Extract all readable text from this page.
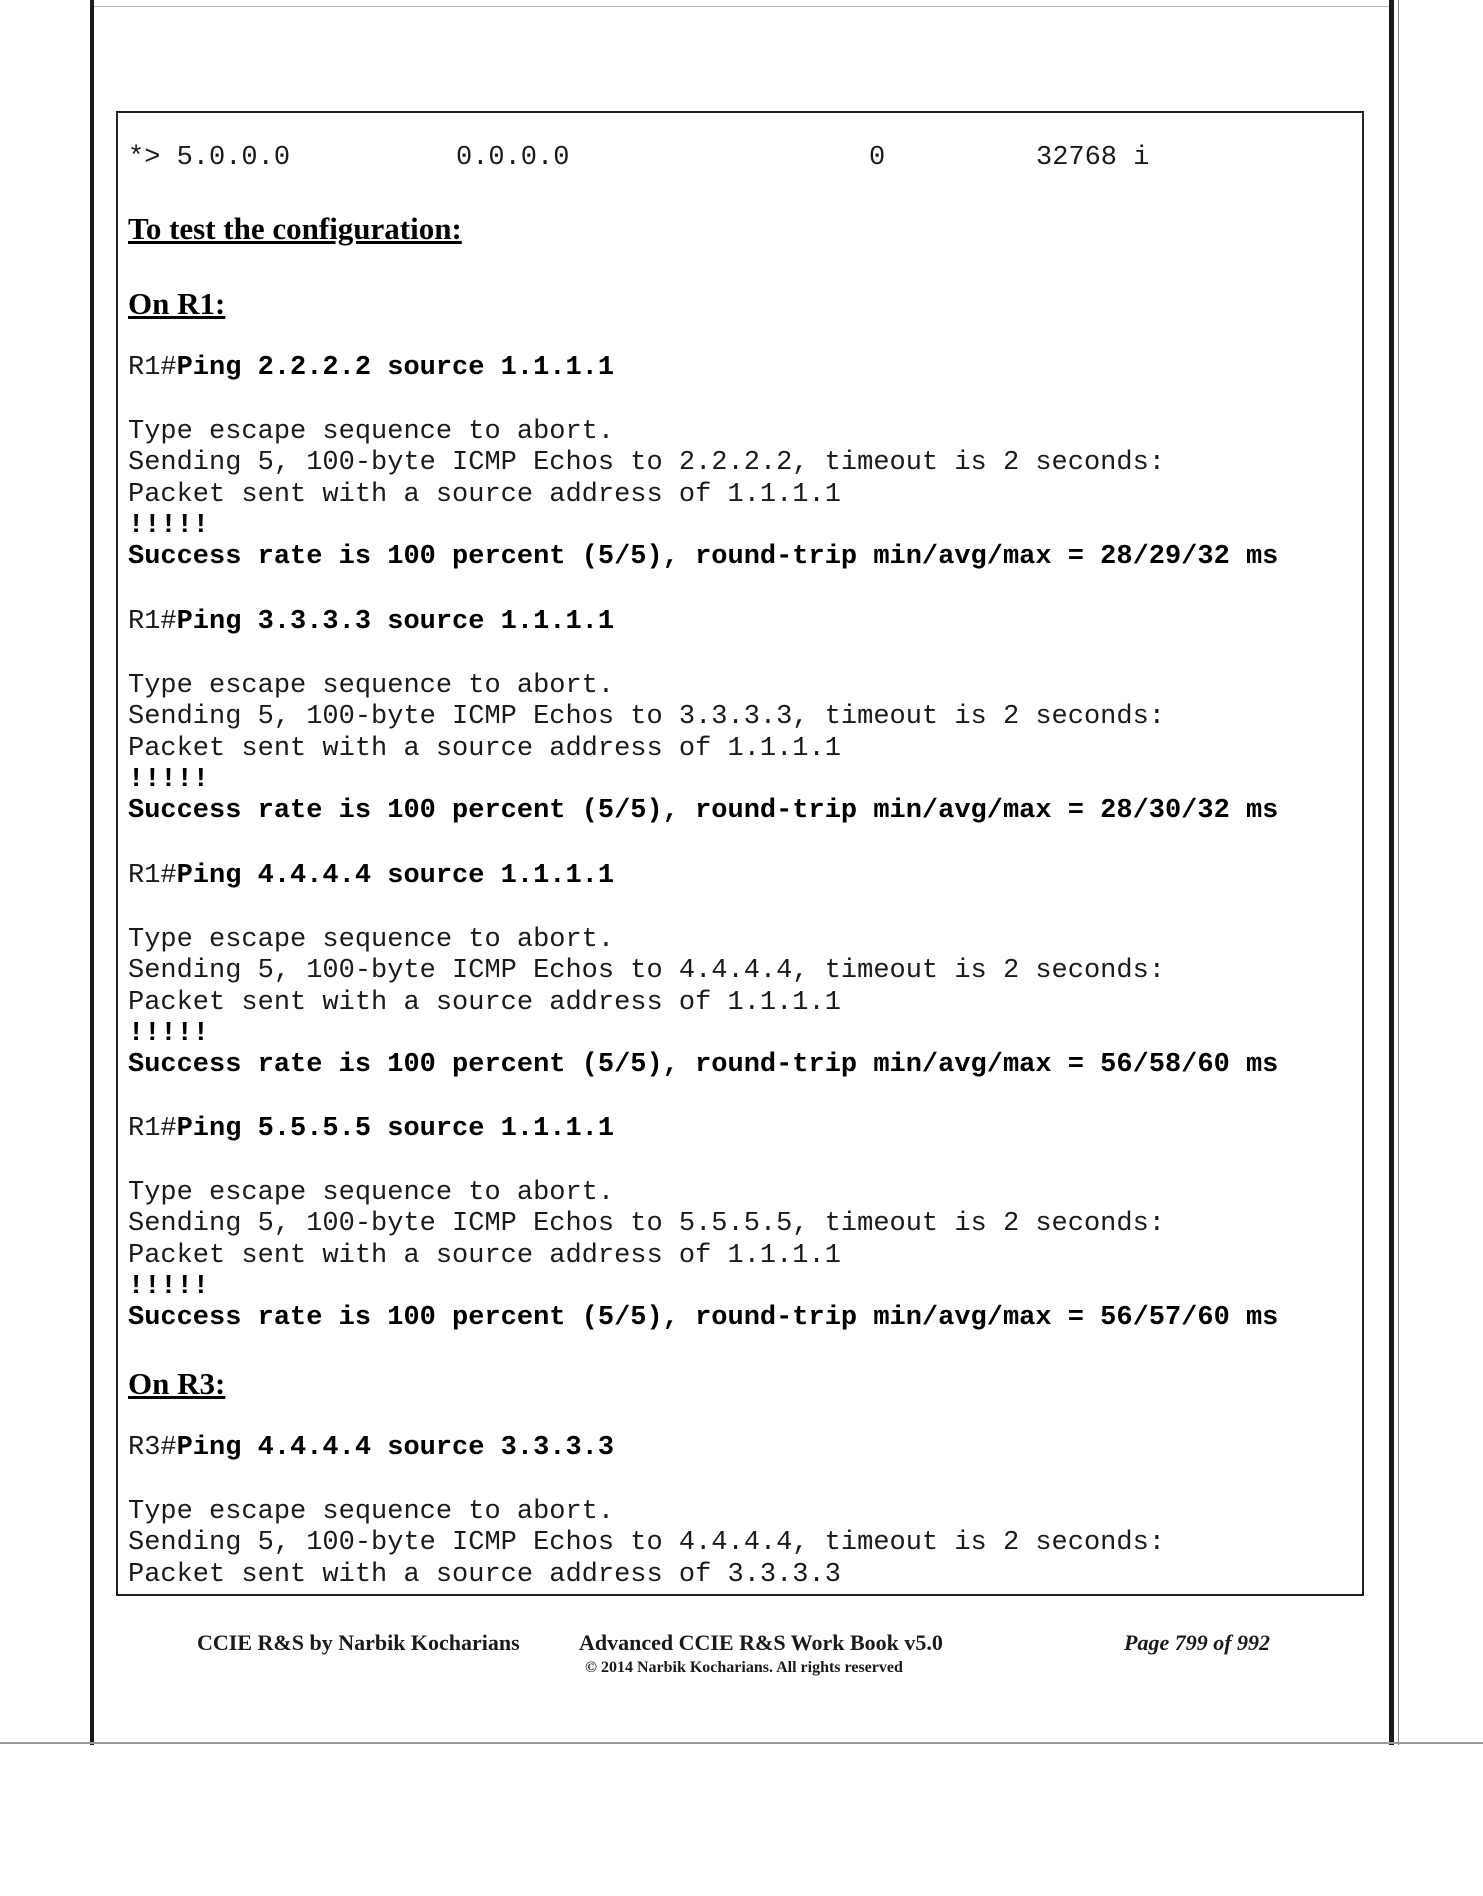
*> 5.0.0.0	0.0.0.0	0	32768 i
To test the configuration:
On R1:
R1#Ping 2.2.2.2 source 1.1.1.1
Type escape sequence to abort.
Sending 5, 100-byte ICMP Echos to 2.2.2.2, timeout is 2 seconds:
Packet sent with a source address of 1.1.1.1
!!!!!
Success rate is 100 percent (5/5), round-trip min/avg/max = 28/29/32 ms
R1#Ping 3.3.3.3 source 1.1.1.1
Type escape sequence to abort.
Sending 5, 100-byte ICMP Echos to 3.3.3.3, timeout is 2 seconds:
Packet sent with a source address of 1.1.1.1
!!!!!
Success rate is 100 percent (5/5), round-trip min/avg/max = 28/30/32 ms
R1#Ping 4.4.4.4 source 1.1.1.1
Type escape sequence to abort.
Sending 5, 100-byte ICMP Echos to 4.4.4.4, timeout is 2 seconds:
Packet sent with a source address of 1.1.1.1
!!!!!
Success rate is 100 percent (5/5), round-trip min/avg/max = 56/58/60 ms
R1#Ping 5.5.5.5 source 1.1.1.1
Type escape sequence to abort.
Sending 5, 100-byte ICMP Echos to 5.5.5.5, timeout is 2 seconds:
Packet sent with a source address of 1.1.1.1
!!!!!
Success rate is 100 percent (5/5), round-trip min/avg/max = 56/57/60 ms
On R3:
R3#Ping 4.4.4.4 source 3.3.3.3
Type escape sequence to abort.
Sending 5, 100-byte ICMP Echos to 4.4.4.4, timeout is 2 seconds:
Packet sent with a source address of 3.3.3.3
CCIE R&S by Narbik Kocharians	Advanced CCIE R&S Work Book v5.0
© 2014 Narbik Kocharians. All rights reserved
Page 799 of 992
